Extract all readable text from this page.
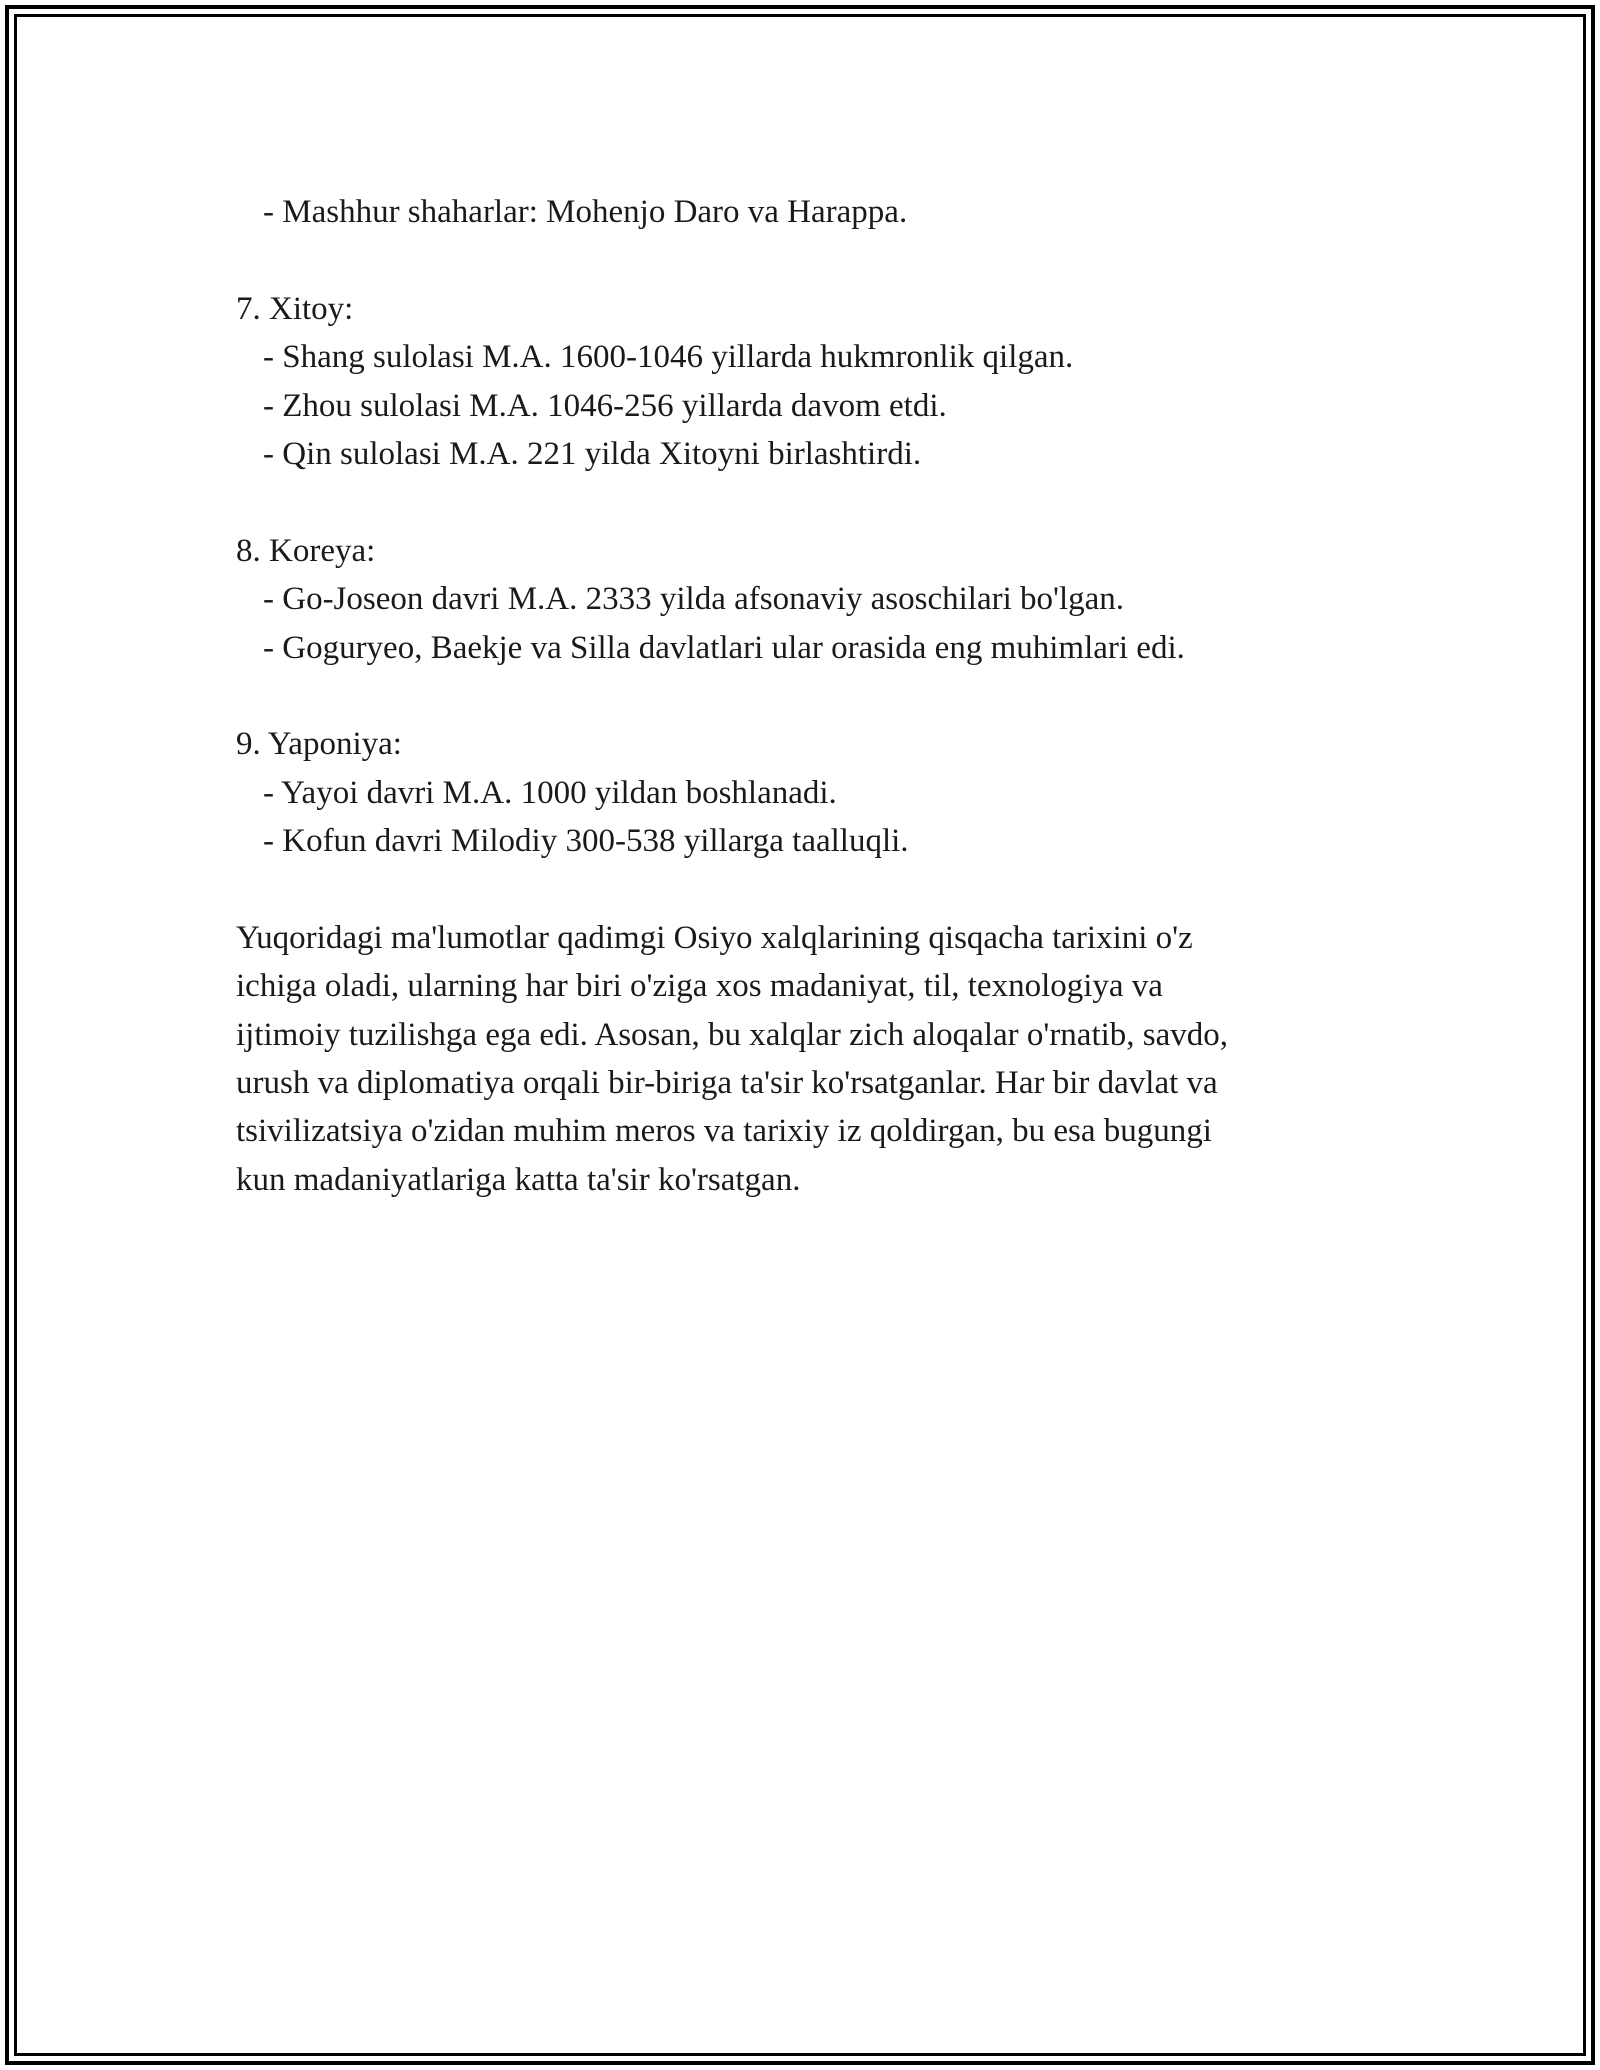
- Mashhur shaharlar: Mohenjo Daro va Harappa.
7. Xitoy:
- Shang sulolasi M.A. 1600-1046 yillarda hukmronlik qilgan.
- Zhou sulolasi M.A. 1046-256 yillarda davom etdi.
- Qin sulolasi M.A. 221 yilda Xitoyni birlashtirdi.
8. Koreya:
- Go-Joseon davri M.A. 2333 yilda afsonaviy asoschilari bo'lgan.
- Goguryeo, Baekje va Silla davlatlari ular orasida eng muhimlari edi.
9. Yaponiya:
- Yayoi davri M.A. 1000 yildan boshlanadi.
- Kofun davri Milodiy 300-538 yillarga taalluqli.
Yuqoridagi ma'lumotlar qadimgi Osiyo xalqlarining qisqacha tarixini o'z
ichiga oladi, ularning har biri o'ziga xos madaniyat, til, texnologiya va
ijtimoiy tuzilishga ega edi. Asosan, bu xalqlar zich aloqalar o'rnatib, savdo,
urush va diplomatiya orqali bir-biriga ta'sir ko'rsatganlar. Har bir davlat va
tsivilizatsiya o'zidan muhim meros va tarixiy iz qoldirgan, bu esa bugungi
kun madaniyatlariga katta ta'sir ko'rsatgan.
